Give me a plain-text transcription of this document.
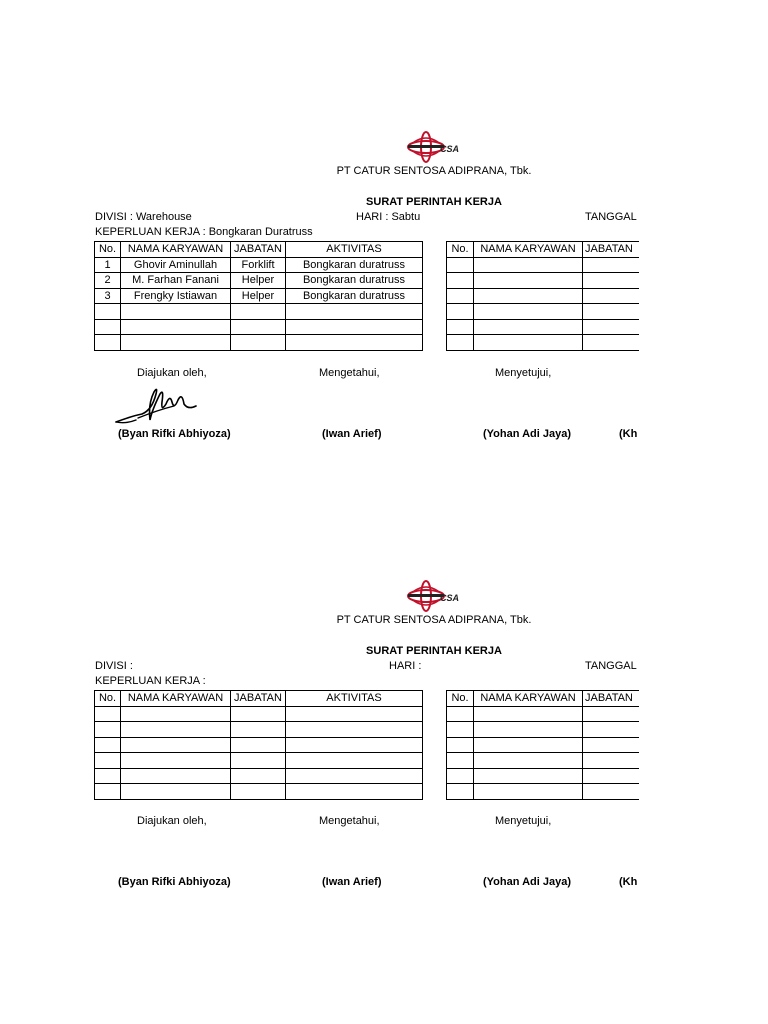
CSA
PT CATUR SENTOSA ADIPRANA, Tbk.
SURAT PERINTAH KERJA
DIVISI : Warehouse	HARI : Sabtu	TANGGAL
KEPERLUAN KERJA : Bongkaran Duratruss
No.	NAMA KARYAWAN	JABATAN	AKTIVITAS
1	Ghovir Aminullah	Forklift	Bongkaran duratruss
2	M. Farhan Fanani	Helper	Bongkaran duratruss
3	Frengky Istiawan	Helper	Bongkaran duratruss

No.	NAMA KARYAWAN	JABATAN

Diajukan oleh,	Mengetahui,	Menyetujui,
(Byan Rifki Abhiyoza)	(Iwan Arief)	(Yohan Adi Jaya)	(Kh
CSA
PT CATUR SENTOSA ADIPRANA, Tbk.
SURAT PERINTAH KERJA
DIVISI :	HARI :	TANGGAL
KEPERLUAN KERJA :
No.	NAMA KARYAWAN	JABATAN	AKTIVITAS

				No.	NAMA KARYAWAN	JABATAN

Diajukan oleh,	Mengetahui,	Menyetujui,
(Byan Rifki Abhiyoza)	(Iwan Arief)	(Yohan Adi Jaya)	(Kh
